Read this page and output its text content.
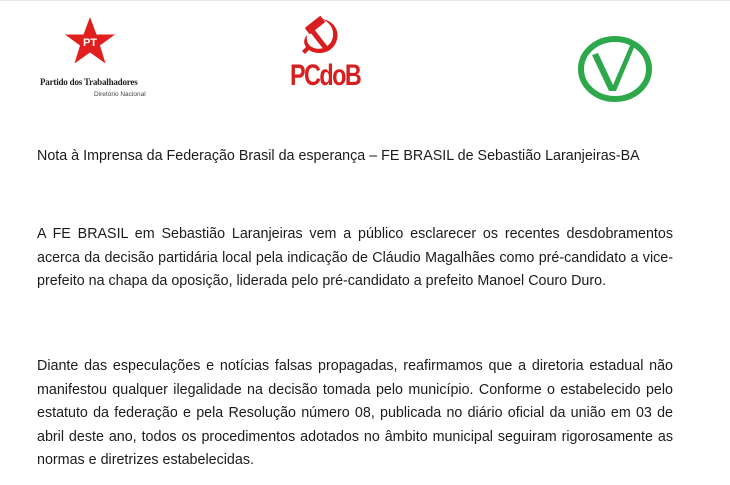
PT
Partido dos Trabalhadores
Diretório Nacional
PCdoB
Nota à Imprensa da Federação Brasil da esperança – FE BRASIL de Sebastião Laranjeiras-BA
A FE BRASIL em Sebastião Laranjeiras vem a público esclarecer os recentes desdobramentos acerca da decisão partidária local pela indicação de Cláudio Magalhães como pré-candidato a vice-prefeito na chapa da oposição, liderada pelo pré-candidato a prefeito Manoel Couro Duro.
Diante das especulações e notícias falsas propagadas, reafirmamos que a diretoria estadual não manifestou qualquer ilegalidade na decisão tomada pelo município. Conforme o estabelecido pelo estatuto da federação e pela Resolução número 08, publicada no diário oficial da união em 03 de abril deste ano, todos os procedimentos adotados no âmbito municipal seguiram rigorosamente as normas e diretrizes estabelecidas.
